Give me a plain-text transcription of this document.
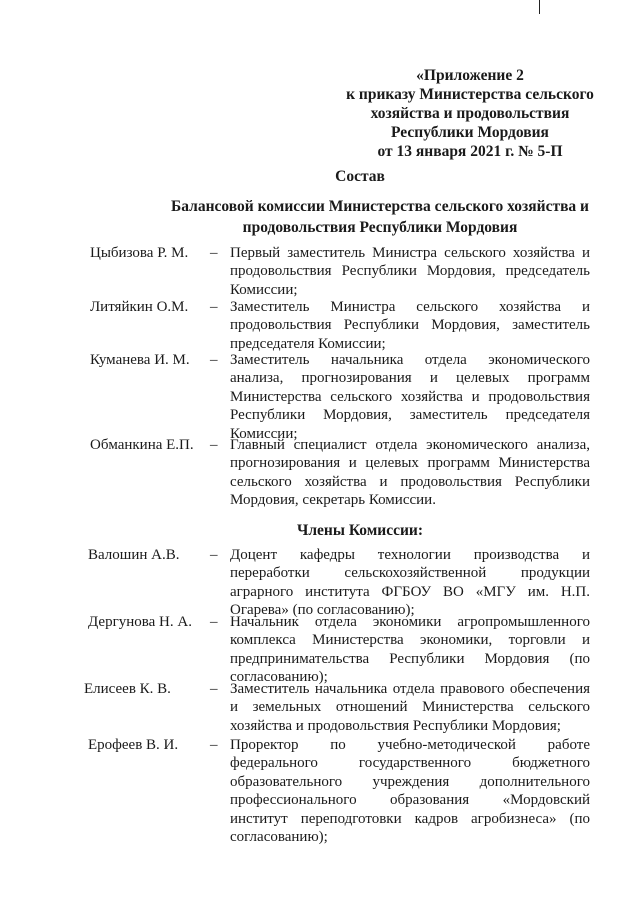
«Приложение 2
к приказу Министерства сельского
хозяйства и продовольствия
Республики Мордовия
от 13 января 2021 г. № 5-П
Состав
Балансовой комиссии Министерства сельского хозяйства и
продовольствия Республики Мордовия
Цыбизова Р. М. – Первый заместитель Министра сельского хозяйства и продовольствия Республики Мордовия, председатель Комиссии;
Литяйкин О.М. – Заместитель Министра сельского хозяйства и продовольствия Республики Мордовия, заместитель председателя Комиссии;
Куманева И. М. – Заместитель начальника отдела экономического анализа, прогнозирования и целевых программ Министерства сельского хозяйства и продовольствия Республики Мордовия, заместитель председателя Комиссии;
Обманкина Е.П. – Главный специалист отдела экономического анализа, прогнозирования и целевых программ Министерства сельского хозяйства и продовольствия Республики Мордовия, секретарь Комиссии.
Члены Комиссии:
Валошин А.В. – Доцент кафедры технологии производства и переработки сельскохозяйственной продукции аграрного института ФГБОУ ВО «МГУ им. Н.П. Огарева» (по согласованию);
Дергунова Н. А. – Начальник отдела экономики агропромышленного комплекса Министерства экономики, торговли и предпринимательства Республики Мордовия (по согласованию);
Елисеев К. В.	– Заместитель начальника отдела правового обеспечения и земельных отношений Министерства сельского хозяйства и продовольствия Республики Мордовия;
Ерофеев В. И. – Проректор по учебно-методической работе федерального государственного бюджетного образовательного учреждения дополнительного профессионального образования «Мордовский институт переподготовки кадров агробизнеса» (по согласованию);
